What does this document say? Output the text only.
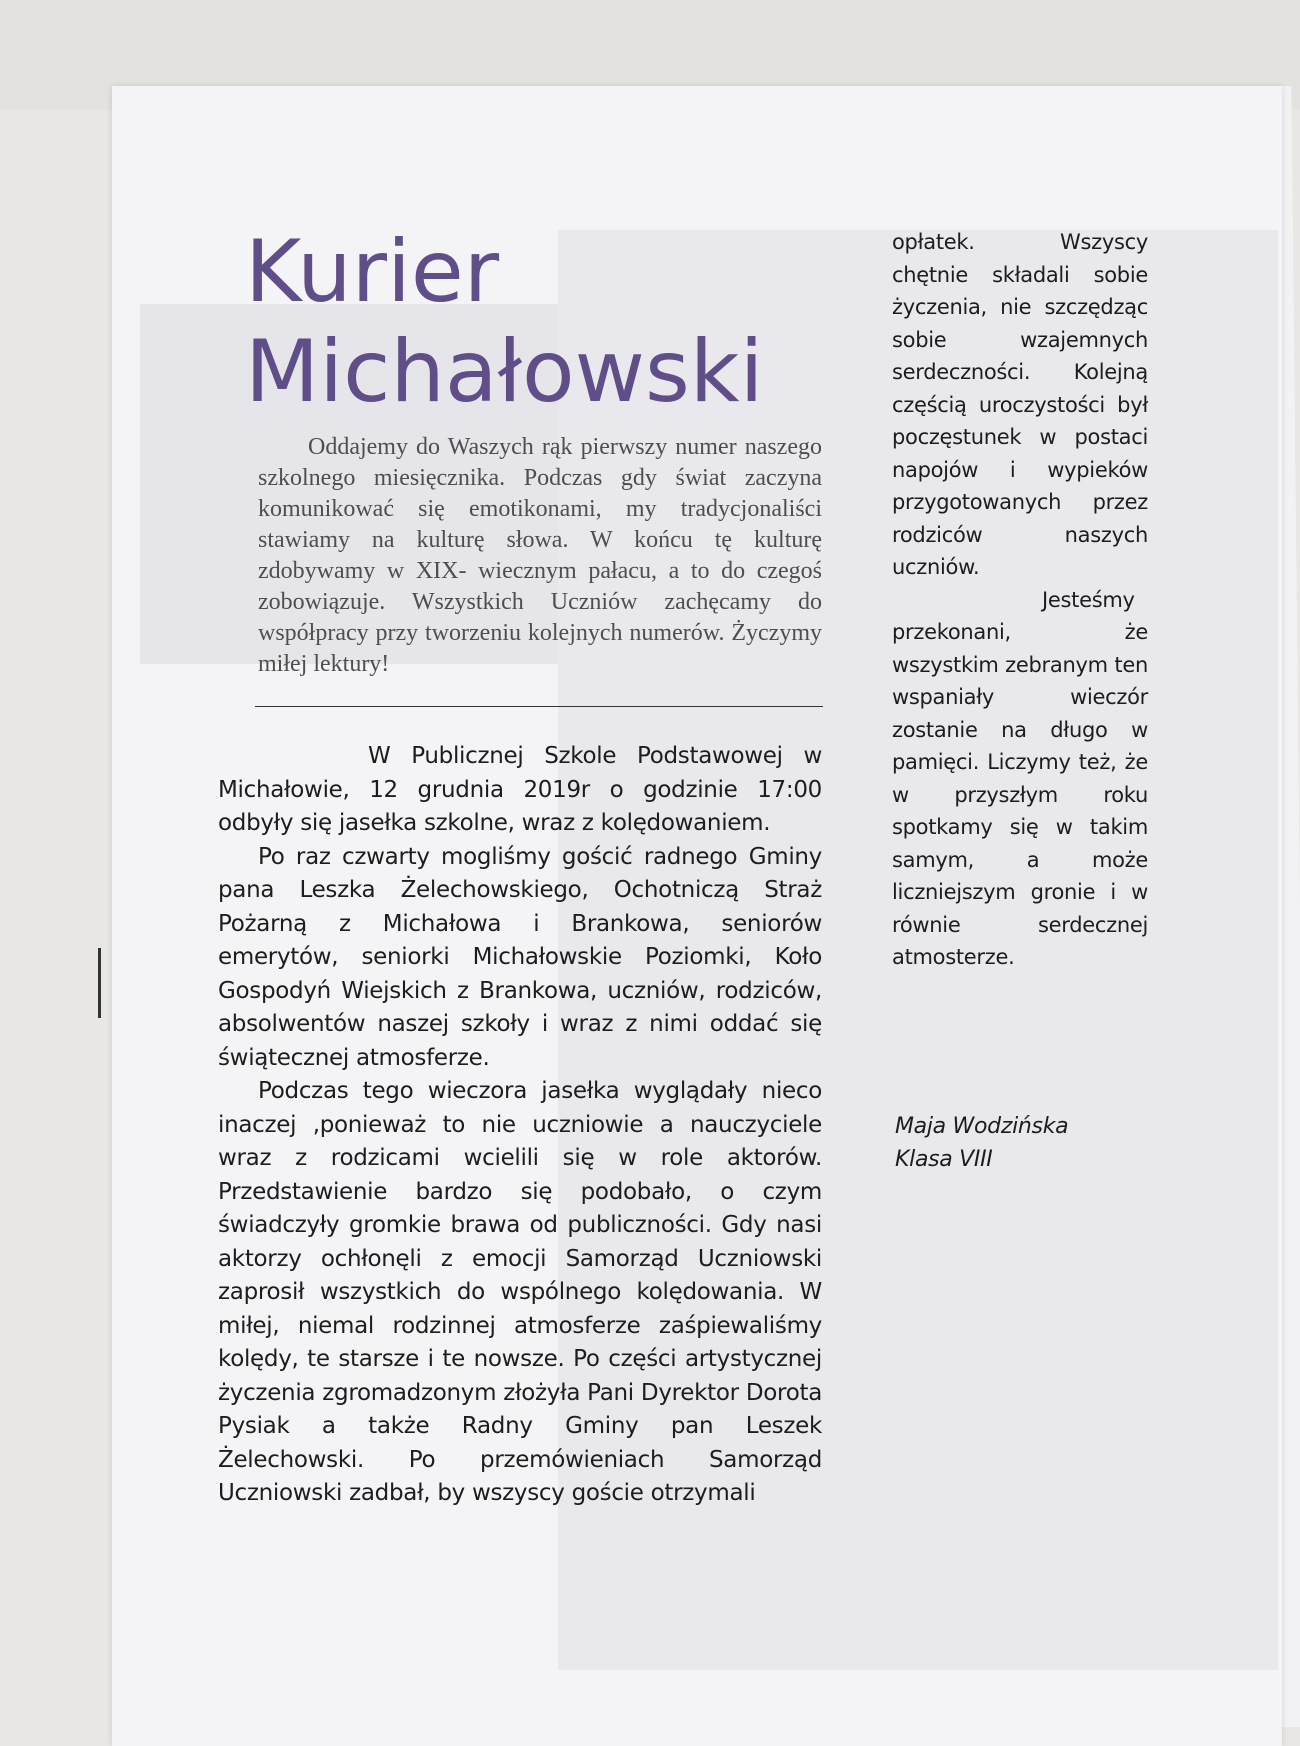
Kurier
Michałowski

Oddajemy do Waszych rąk pierwszy numer naszego szkolnego miesięcznika. Podczas gdy świat zaczyna komunikować się emotikonami, my tradycjonaliści stawiamy na kulturę słowa. W końcu tę kulturę zdobywamy w XIX- wiecznym pałacu, a to do czegoś zobowiązuje. Wszystkich Uczniów zachęcamy do współpracy przy tworzeniu kolejnych numerów. Życzymy miłej lektury!

W Publicznej Szkole Podstawowej w Michałowie, 12 grudnia 2019r o godzinie 17:00 odbyły się jasełka szkolne, wraz z kolędowaniem.

Po raz czwarty mogliśmy gościć radnego Gminy pana Leszka Żelechowskiego, Ochotniczą Straż Pożarną z Michałowa i Brankowa, seniorów emerytów, seniorki Michałowskie Poziomki, Koło Gospodyń Wiejskich z Brankowa, uczniów, rodziców, absolwentów naszej szkoły i wraz z nimi oddać się świątecznej atmosferze.

Podczas tego wieczora jasełka wyglądały nieco inaczej ,ponieważ to nie uczniowie a nauczyciele wraz z rodzicami wcielili się w role aktorów. Przedstawienie bardzo się podobało, o czym świadczyły gromkie brawa od publiczności. Gdy nasi aktorzy ochłonęli z emocji Samorząd Uczniowski zaprosił wszystkich do wspólnego kolędowania. W miłej, niemal rodzinnej atmosferze zaśpiewaliśmy kolędy, te starsze i te nowsze. Po części artystycznej życzenia zgromadzonym złożyła Pani Dyrektor Dorota Pysiak a także Radny Gminy pan Leszek Żelechowski. Po przemówieniach Samorząd Uczniowski zadbał, by wszyscy goście otrzymali

opłatek. Wszyscy chętnie składali sobie życzenia, nie szczędząc sobie wzajemnych serdeczności. Kolejną częścią uroczystości był poczęstunek w postaci napojów i wypieków przygotowanych przez rodziców naszych uczniów.

Jesteśmy przekonani, że wszystkim zebranym ten wspaniały wieczór zostanie na długo w pamięci. Liczymy też, że w przyszłym roku spotkamy się w takim samym, a może liczniejszym gronie i w równie serdecznej atmosterze.

Maja Wodzińska
Klasa VIII
